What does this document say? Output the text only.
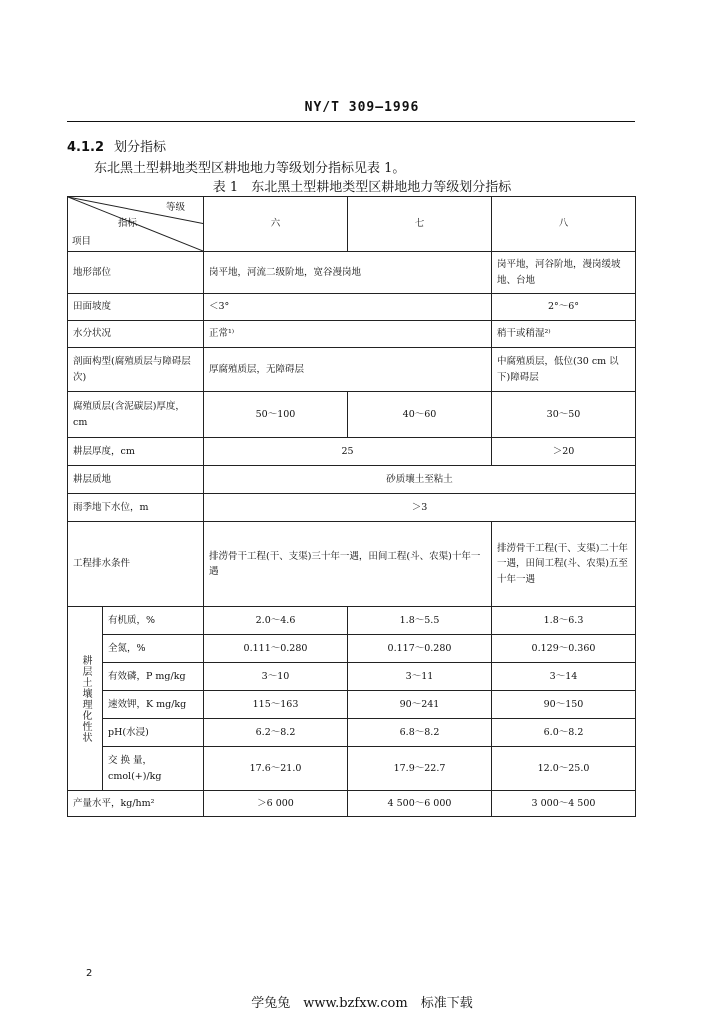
NY/T 309—1996
4.1.2 划分指标
东北黑土型耕地类型区耕地地力等级划分指标见表 1。
表 1　东北黑土型耕地类型区耕地地力等级划分指标
等级
指标
项目		六	七	八
地形部位		岗平地，河流二级阶地，宽谷漫岗地		岗平地，河谷阶地，漫岗缓坡地、台地
田面坡度		＜3°		2°～6°
水分状况		正常¹⁾		稍干或稍湿²⁾
剖面构型(腐殖质层与障碍层次)		厚腐殖质层，无障碍层		中腐殖质层，低位(30 cm 以下)障碍层
腐殖质层(含泥碳层)厚度，cm		50～100	40～60	30～50
耕层厚度，cm		25		＞20
耕层质地		砂质壤土至粘土		
雨季地下水位，m		＞3		
工程排水条件		排涝骨干工程(干、支渠)三十年一遇，田间工程(斗、农渠)十年一遇		排涝骨干工程(干、支渠)二十年一遇，田间工程(斗、农渠)五至十年一遇
耕层土壤理化性状	有机质，%	2.0～4.6	1.8～5.5	1.8～6.3
	全氮，%	0.111～0.280	0.117～0.280	0.129～0.360
	有效磷，P mg/kg	3～10	3～11	3～14
	速效钾，K mg/kg	115～163	90～241	90～150
	pH(水浸)	6.2～8.2	6.8～8.2	6.0～8.2
	交 换 量，cmol(+)/kg	17.6～21.0	17.9～22.7	12.0～25.0
产量水平，kg/hm²		＞6 000	4 500～6 000	3 000～4 500
2
学兔兔　www.bzfxw.com　标准下载
